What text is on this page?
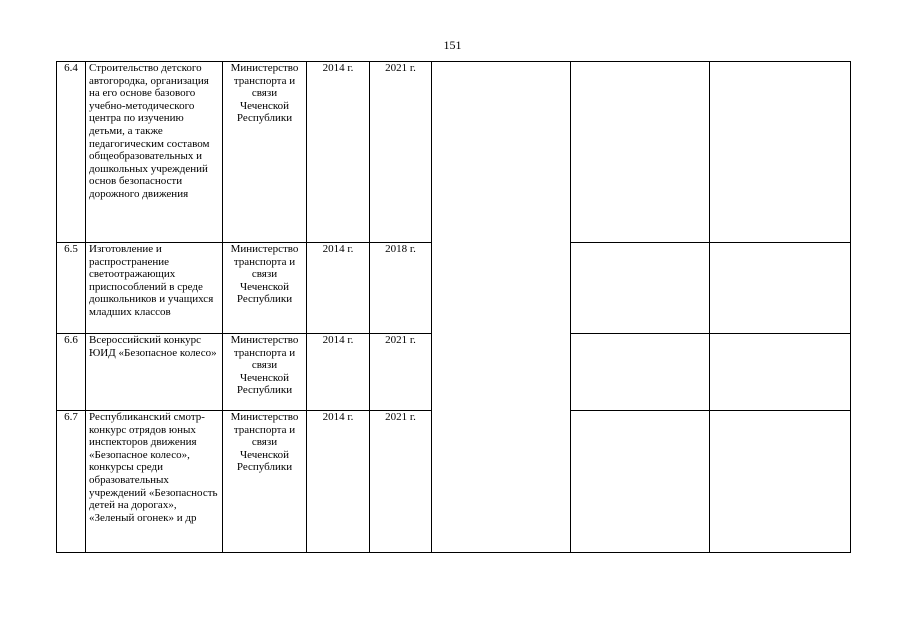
151
6.4	Строительство детского автогородка, организация на его основе базового учебно-методического центра по изучению детьми, а также педагогическим составом общеобразовательных и дошкольных учреждений основ безопасности дорожного движения	Министерство транспорта и связи Чеченской Республики	2014 г.	2021 г.			
6.5	Изготовление и распространение светоотражающих приспособлений в среде дошкольников и учащихся младших классов	Министерство транспорта и связи Чеченской Республики	2014 г.	2018 г.			
6.6	Всероссийский конкурс ЮИД «Безопасное колесо»	Министерство транспорта и связи Чеченской Республики	2014 г.	2021 г.			
6.7	Республиканский смотр-конкурс отрядов юных инспекторов движения «Безопасное колесо», конкурсы среди образовательных учреждений «Безопасность детей на дорогах», «Зеленый огонек» и др	Министерство транспорта и связи Чеченской Республики	2014 г.	2021 г.			
